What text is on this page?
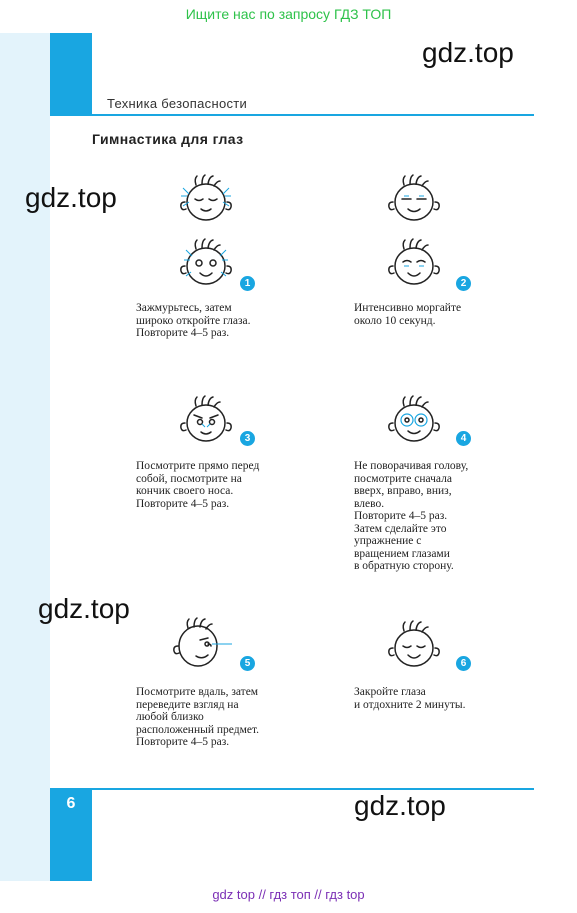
Ищите нас по запросу ГДЗ ТОП
Техника безопасности
Гимнастика для глаз
gdz.top
gdz.top
gdz.top
gdz.top
1
Зажмурьтесь, затем
широко откройте глаза.
Повторите 4–5 раз.
2
Интенсивно моргайте
около 10 секунд.
3
Посмотрите прямо перед
собой, посмотрите на
кончик своего носа.
Повторите 4–5 раз.
4
Не поворачивая голову,
посмотрите сначала
вверх, вправо, вниз,
влево.
Повторите 4–5 раз.
Затем сделайте это
упражнение с
вращением глазами
в обратную сторону.
5
Посмотрите вдаль, затем
переведите взгляд на
любой близко
расположенный предмет.
Повторите 4–5 раз.
6
Закройте глаза
и отдохните 2 минуты.
6
gdz top // гдз топ // гдз top
